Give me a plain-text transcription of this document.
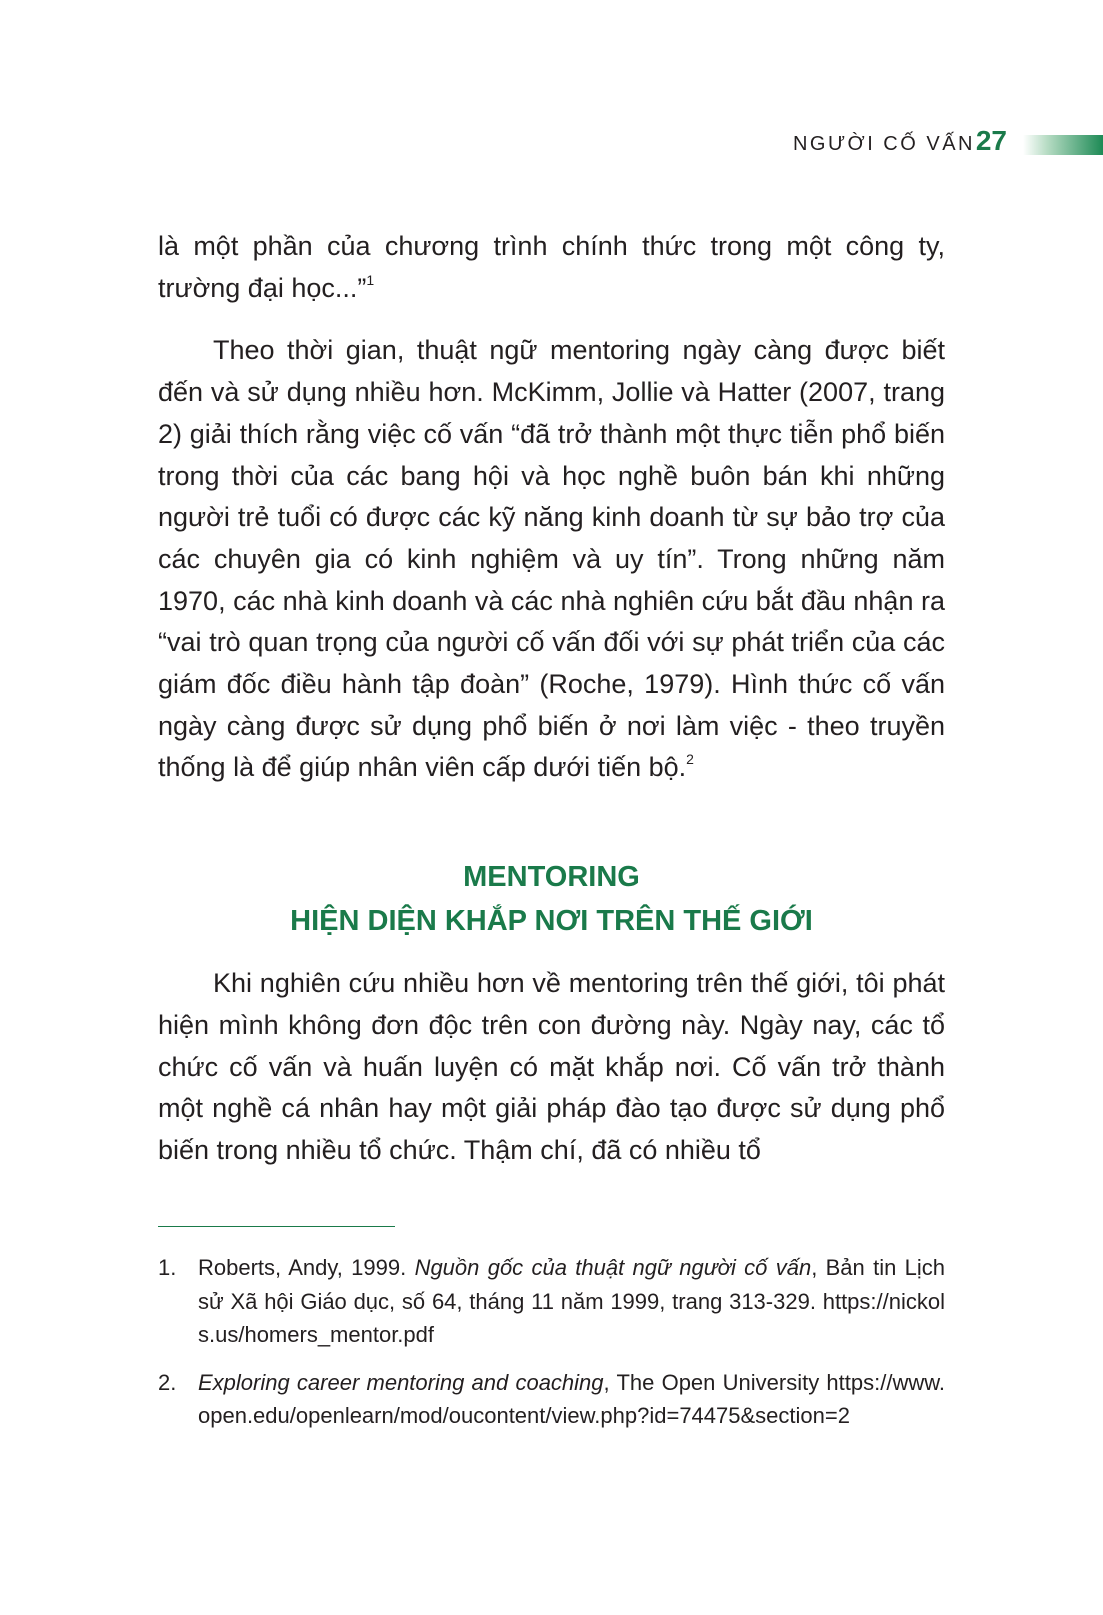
NGƯỜI CỐ VẤN 27

là một phần của chương trình chính thức trong một công ty, trường đại học...”$^1$

Theo thời gian, thuật ngữ mentoring ngày càng được biết đến và sử dụng nhiều hơn. McKimm, Jollie và Hatter (2007, trang 2) giải thích rằng việc cố vấn “đã trở thành một thực tiễn phổ biến trong thời của các bang hội và học nghề buôn bán khi những người trẻ tuổi có được các kỹ năng kinh doanh từ sự bảo trợ của các chuyên gia có kinh nghiệm và uy tín”. Trong những năm 1970, các nhà kinh doanh và các nhà nghiên cứu bắt đầu nhận ra “vai trò quan trọng của người cố vấn đối với sự phát triển của các giám đốc điều hành tập đoàn” (Roche, 1979). Hình thức cố vấn ngày càng được sử dụng phổ biến ở nơi làm việc - theo truyền thống là để giúp nhân viên cấp dưới tiến bộ.$^2$

MENTORING
HIỆN DIỆN KHẮP NƠI TRÊN THẾ GIỚI

Khi nghiên cứu nhiều hơn về mentoring trên thế giới, tôi phát hiện mình không đơn độc trên con đường này. Ngày nay, các tổ chức cố vấn và huấn luyện có mặt khắp nơi. Cố vấn trở thành một nghề cá nhân hay một giải pháp đào tạo được sử dụng phổ biến trong nhiều tổ chức. Thậm chí, đã có nhiều tổ

1. Roberts, Andy, 1999. Nguồn gốc của thuật ngữ người cố vấn, Bản tin Lịch sử Xã hội Giáo dục, số 64, tháng 11 năm 1999, trang 313-329. https://nickols.us/homers_mentor.pdf
2. Exploring career mentoring and coaching, The Open University https://www.open.edu/openlearn/mod/oucontent/view.php?id=74475&section=2
